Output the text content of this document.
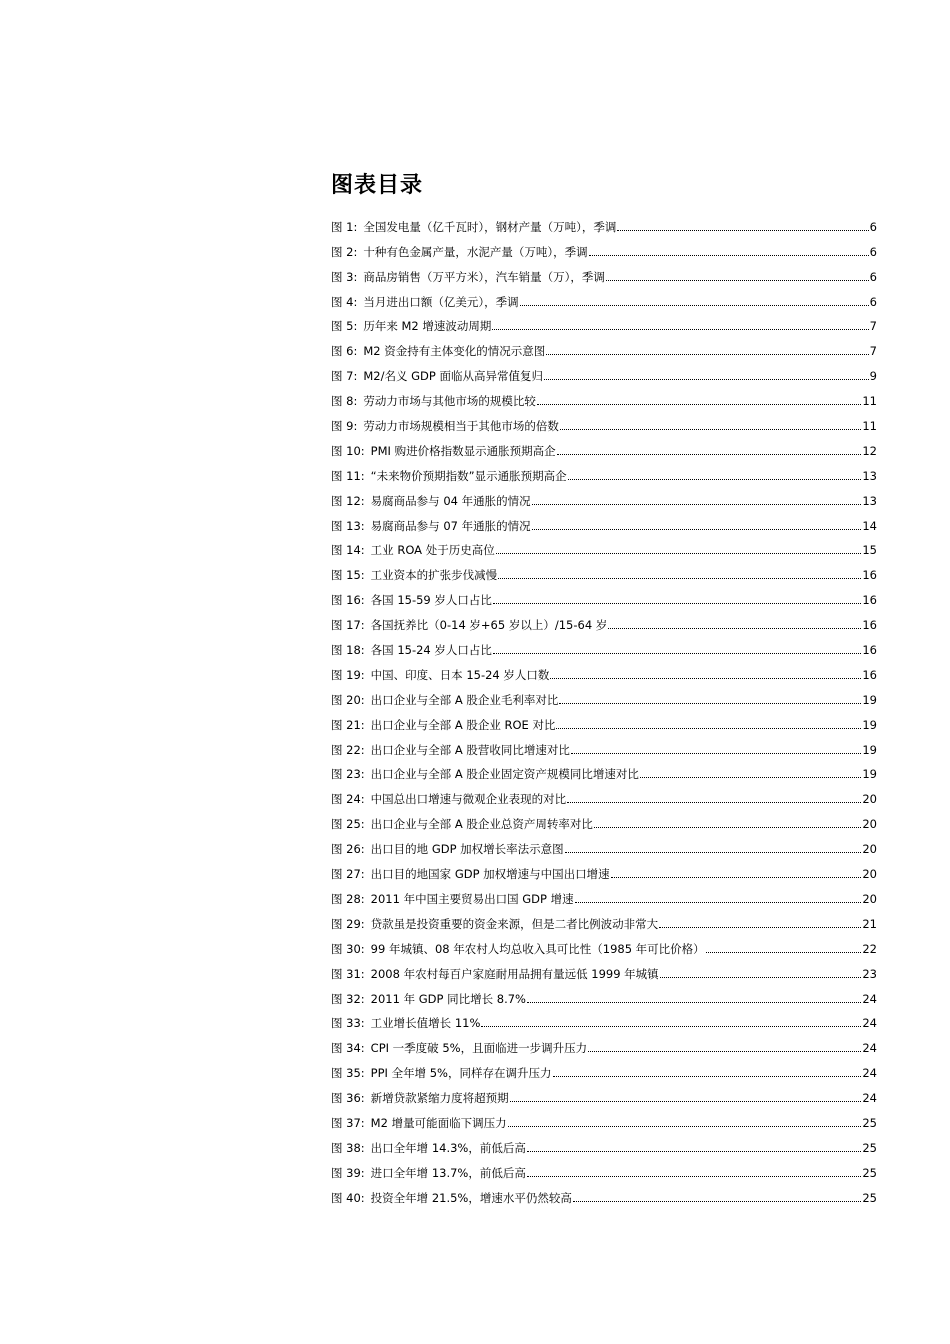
图表目录
图 1: 全国发电量（亿千瓦时），钢材产量（万吨），季调	6
图 2: 十种有色金属产量，水泥产量（万吨），季调	6
图 3: 商品房销售（万平方米），汽车销量（万），季调	6
图 4: 当月进出口额（亿美元），季调	6
图 5: 历年来 M2 增速波动周期	7
图 6: M2 资金持有主体变化的情况示意图	7
图 7: M2/名义 GDP 面临从高异常值复归	9
图 8: 劳动力市场与其他市场的规模比较	11
图 9: 劳动力市场规模相当于其他市场的倍数	11
图 10: PMI 购进价格指数显示通胀预期高企	12
图 11: “未来物价预期指数”显示通胀预期高企	13
图 12: 易腐商品参与 04 年通胀的情况	13
图 13: 易腐商品参与 07 年通胀的情况	14
图 14: 工业 ROA 处于历史高位	15
图 15: 工业资本的扩张步伐减慢	16
图 16: 各国 15-59 岁人口占比	16
图 17: 各国抚养比（0-14 岁+65 岁以上）/15-64 岁	16
图 18: 各国 15-24 岁人口占比	16
图 19: 中国、印度、日本 15-24 岁人口数	16
图 20: 出口企业与全部 A 股企业毛利率对比	19
图 21: 出口企业与全部 A 股企业 ROE 对比	19
图 22: 出口企业与全部 A 股营收同比增速对比	19
图 23: 出口企业与全部 A 股企业固定资产规模同比增速对比	19
图 24: 中国总出口增速与微观企业表现的对比	20
图 25: 出口企业与全部 A 股企业总资产周转率对比	20
图 26: 出口目的地 GDP 加权增长率法示意图	20
图 27: 出口目的地国家 GDP 加权增速与中国出口增速	20
图 28: 2011 年中国主要贸易出口国 GDP 增速	20
图 29: 贷款虽是投资重要的资金来源，但是二者比例波动非常大	21
图 30: 99 年城镇、08 年农村人均总收入具可比性（1985 年可比价格）	22
图 31: 2008 年农村每百户家庭耐用品拥有量远低 1999 年城镇	23
图 32: 2011 年 GDP 同比增长 8.7%	24
图 33: 工业增长值增长 11%	24
图 34: CPI 一季度破 5%，且面临进一步调升压力	24
图 35: PPI 全年增 5%，同样存在调升压力	24
图 36: 新增贷款紧缩力度将超预期	24
图 37: M2 增量可能面临下调压力	25
图 38: 出口全年增 14.3%，前低后高	25
图 39: 进口全年增 13.7%，前低后高	25
图 40: 投资全年增 21.5%，增速水平仍然较高	25
